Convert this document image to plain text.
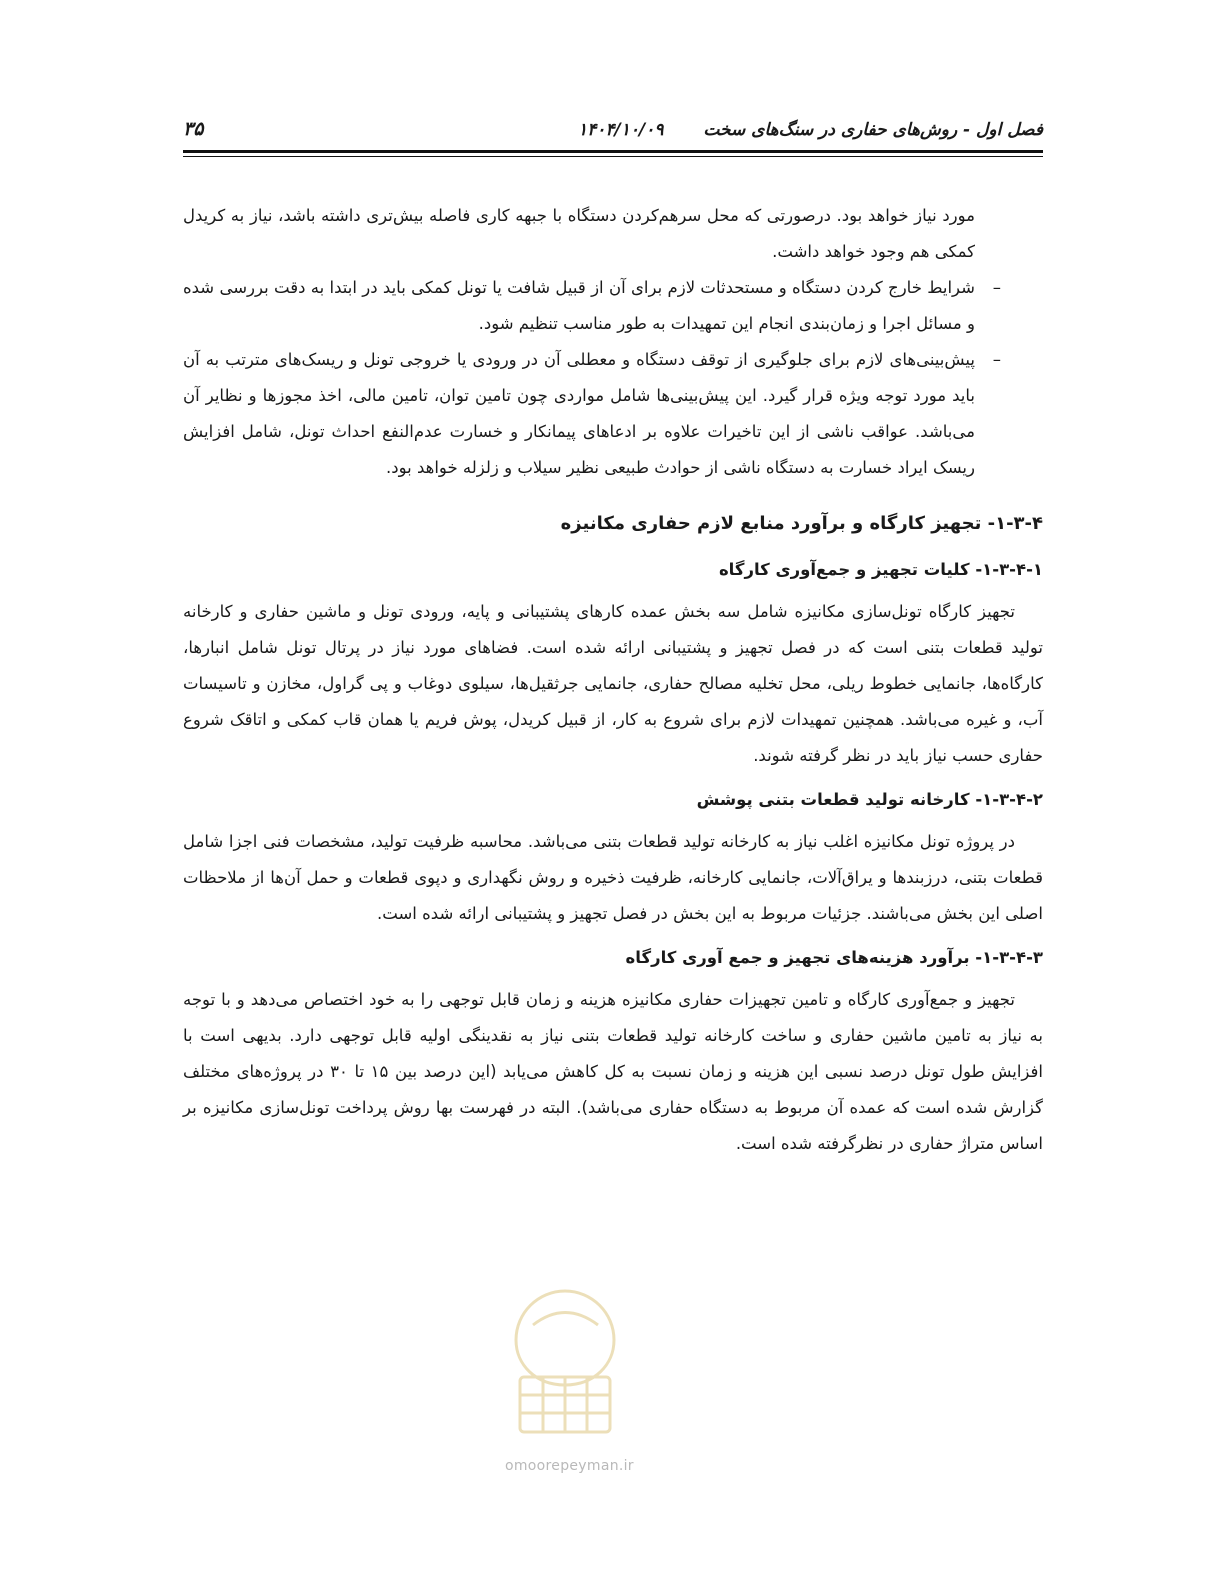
فصل اول - روش‌های حفاری در سنگ‌های سخت
۱۴۰۴/۱۰/۰۹
۳۵

مورد نیاز خواهد بود. درصورتی که محل سرهم‌کردن دستگاه با جبهه کاری فاصله بیش‌تری داشته باشد، نیاز به کریدل کمکی هم وجود خواهد داشت.

–
شرایط خارج کردن دستگاه و مستحدثات لازم برای آن از قبیل شافت یا تونل کمکی باید در ابتدا به دقت بررسی شده و مسائل اجرا و زمان‌بندی انجام این تمهیدات به طور مناسب تنظیم شود.
–
پیش‌بینی‌های لازم برای جلوگیری از توقف دستگاه و معطلی آن در ورودی یا خروجی تونل و ریسک‌های مترتب به آن باید مورد توجه ویژه قرار گیرد. این پیش‌بینی‌ها شامل مواردی چون تامین توان، تامین مالی، اخذ مجوزها و نظایر آن می‌باشد. عواقب ناشی از این تاخیرات علاوه بر ادعاهای پیمانکار و خسارت عدم‌النفع احداث تونل، شامل افزایش ریسک ایراد خسارت به دستگاه ناشی از حوادث طبیعی نظیر سیلاب و زلزله خواهد بود.
۱-۳-۴- تجهیز کارگاه و برآورد منابع لازم حفاری مکانیزه
۱-۳-۴-۱- کلیات تجهیز و جمع‌آوری کارگاه

تجهیز کارگاه تونل‌سازی مکانیزه شامل سه بخش عمده کارهای پشتیبانی و پایه، ورودی تونل و ماشین حفاری و کارخانه تولید قطعات بتنی است که در فصل تجهیز و پشتیبانی ارائه شده است. فضاهای مورد نیاز در پرتال تونل شامل انبارها، کارگاه‌ها، جانمایی خطوط ریلی، محل تخلیه مصالح حفاری، جانمایی جرثقیل‌ها، سیلوی دوغاب و پی گراول، مخازن و تاسیسات آب، و غیره می‌باشد. همچنین تمهیدات لازم برای شروع به کار، از قبیل کریدل، پوش فریم یا همان قاب کمکی و اتاقک شروع حفاری حسب نیاز باید در نظر گرفته شوند.

۱-۳-۴-۲- کارخانه تولید قطعات بتنی پوشش

در پروژه تونل مکانیزه اغلب نیاز به کارخانه تولید قطعات بتنی می‌باشد. محاسبه ظرفیت تولید، مشخصات فنی اجزا شامل قطعات بتنی، درزبندها و یراق‌آلات، جانمایی کارخانه، ظرفیت ذخیره و روش نگهداری و دپوی قطعات و حمل آن‌ها از ملاحظات اصلی این بخش می‌باشند. جزئیات مربوط به این بخش در فصل تجهیز و پشتیبانی ارائه شده است.

۱-۳-۴-۳- برآورد هزینه‌های تجهیز و جمع آوری کارگاه

تجهیز و جمع‌آوری کارگاه و تامین تجهیزات حفاری مکانیزه هزینه و زمان قابل توجهی را به خود اختصاص می‌دهد و با توجه به نیاز به تامین ماشین حفاری و ساخت کارخانه تولید قطعات بتنی نیاز به نقدینگی اولیه قابل توجهی دارد. بدیهی است با افزایش طول تونل درصد نسبی این هزینه و زمان نسبت به کل کاهش می‌یابد (این درصد بین ۱۵ تا ۳۰ در پروژه‌های مختلف گزارش شده است که عمده آن مربوط به دستگاه حفاری می‌باشد). البته در فهرست بها روش پرداخت تونل‌سازی مکانیزه بر اساس متراژ حفاری در نظرگرفته شده است.

omoorepeyman.ir
